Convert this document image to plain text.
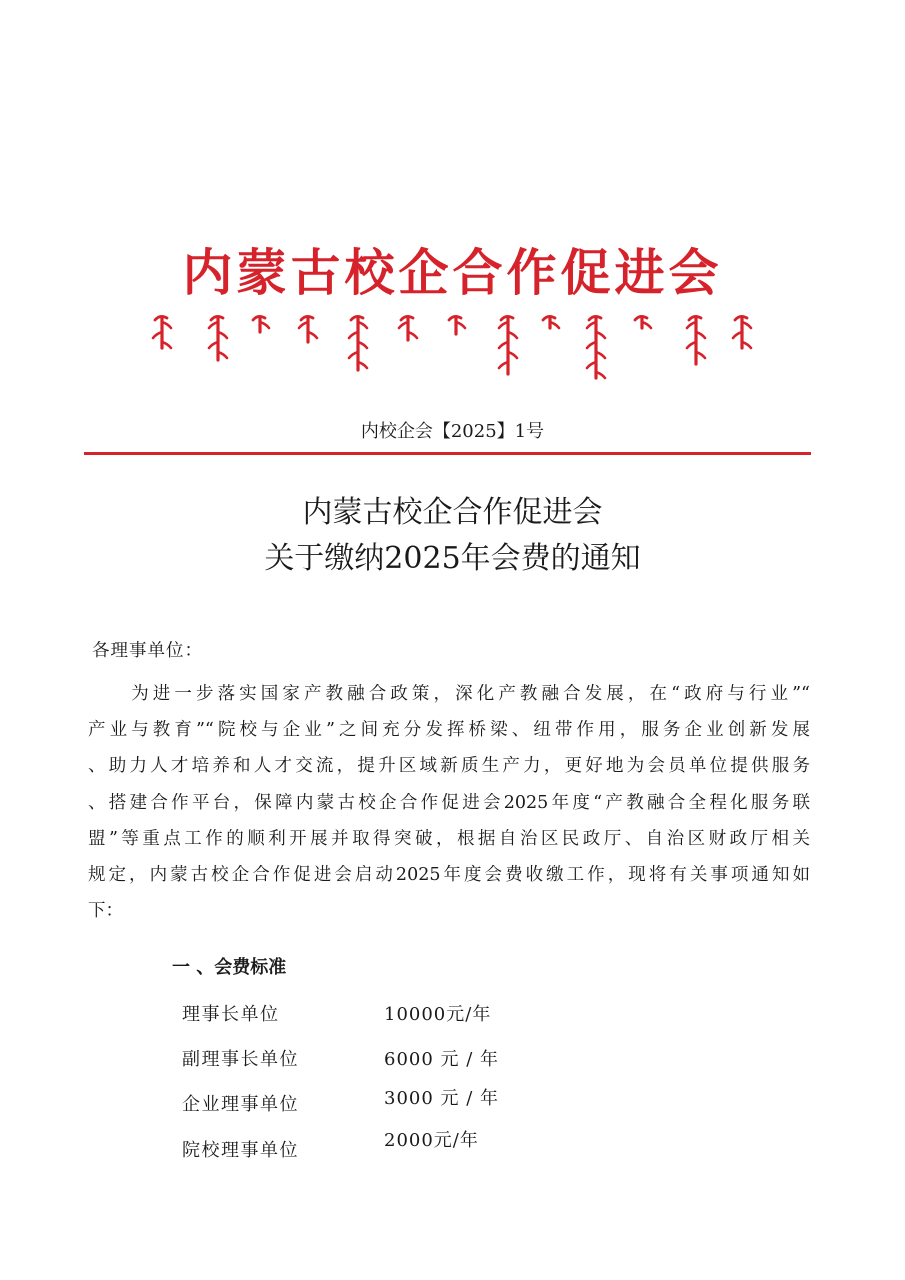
内蒙古校企合作促进会
内校企会【2025】1号
内蒙古校企合作促进会
关于缴纳2025年会费的通知
各理事单位：
　　为进一步落实国家产教融合政策，深化产教融合发展，在“政府与行业”“
产业与教育”“院校与企业”之间充分发挥桥梁、纽带作用，服务企业创新发展
、助力人才培养和人才交流，提升区域新质生产力，更好地为会员单位提供服务
、搭建合作平台，保障内蒙古校企合作促进会2025年度“产教融合全程化服务联
盟”等重点工作的顺利开展并取得突破，根据自治区民政厅、自治区财政厅相关
规定，内蒙古校企合作促进会启动2025年度会费收缴工作，现将有关事项通知如
下：
一 、会费标准
理事长单位	10000元/年
副理事长单位	6000 元 / 年
企业理事单位	3000 元 / 年
院校理事单位	2000元/年
